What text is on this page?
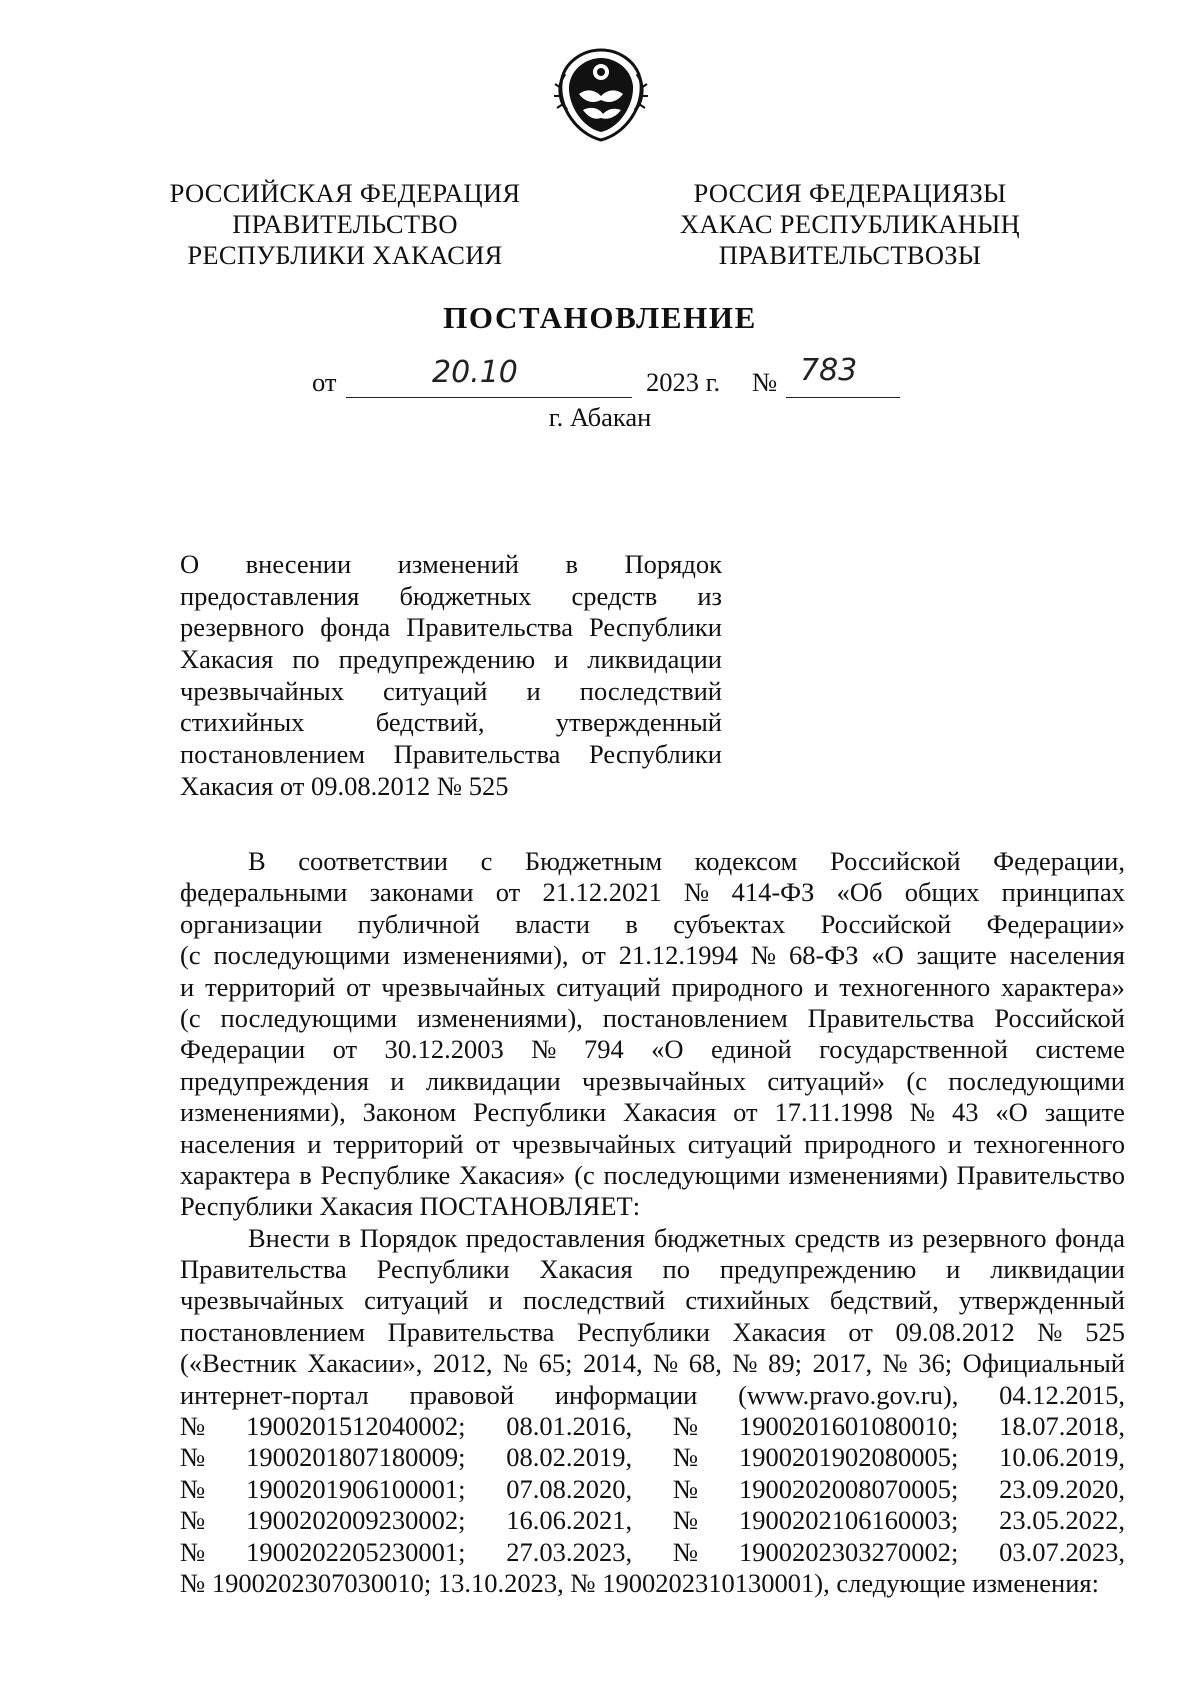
РОССИЙСКАЯ ФЕДЕРАЦИЯ
ПРАВИТЕЛЬСТВО
РЕСПУБЛИКИ ХАКАСИЯ
РОССИЯ ФЕДЕРАЦИЯЗЫ
ХАКАС РЕСПУБЛИКАНЫҢ
ПРАВИТЕЛЬСТВОЗЫ
ПОСТАНОВЛЕНИЕ
от	20.10	2023 г. № 783
г. Абакан
О внесении изменений в Порядок
предоставления бюджетных средств из
резервного фонда Правительства Республики
Хакасия по предупреждению и ликвидации
чрезвычайных ситуаций и последствий
стихийных	бедствий,	утвержденный
постановлением Правительства Республики
Хакасия от 09.08.2012 № 525
В соответствии с Бюджетным кодексом Российской Федерации,
федеральными законами от 21.12.2021 № 414-ФЗ «Об общих принципах
организации публичной власти в субъектах Российской Федерации»
(с последующими изменениями), от 21.12.1994 № 68-ФЗ «О защите населения
и территорий от чрезвычайных ситуаций природного и техногенного характера»
(с последующими изменениями), постановлением Правительства Российской
Федерации от 30.12.2003 № 794 «О единой государственной системе
предупреждения и ликвидации чрезвычайных ситуаций» (с последующими
изменениями), Законом Республики Хакасия от 17.11.1998 № 43 «О защите
населения и территорий от чрезвычайных ситуаций природного и техногенного
характера в Республике Хакасия» (с последующими изменениями) Правительство
Республики Хакасия ПОСТАНОВЛЯЕТ:
Внести в Порядок предоставления бюджетных средств из резервного фонда
Правительства Республики Хакасия по предупреждению и ликвидации
чрезвычайных ситуаций и последствий стихийных бедствий, утвержденный
постановлением Правительства Республики Хакасия от 09.08.2012 № 525
(«Вестник Хакасии», 2012, № 65; 2014, № 68, № 89; 2017, № 36; Официальный
интернет-портал правовой информации (www.pravo.gov.ru), 04.12.2015,
№ 1900201512040002; 08.01.2016, № 1900201601080010; 18.07.2018,
№ 1900201807180009; 08.02.2019, № 1900201902080005; 10.06.2019,
№ 1900201906100001; 07.08.2020, № 1900202008070005; 23.09.2020,
№ 1900202009230002; 16.06.2021, № 1900202106160003; 23.05.2022,
№ 1900202205230001; 27.03.2023, № 1900202303270002; 03.07.2023,
№ 1900202307030010; 13.10.2023, № 1900202310130001), следующие изменения:
